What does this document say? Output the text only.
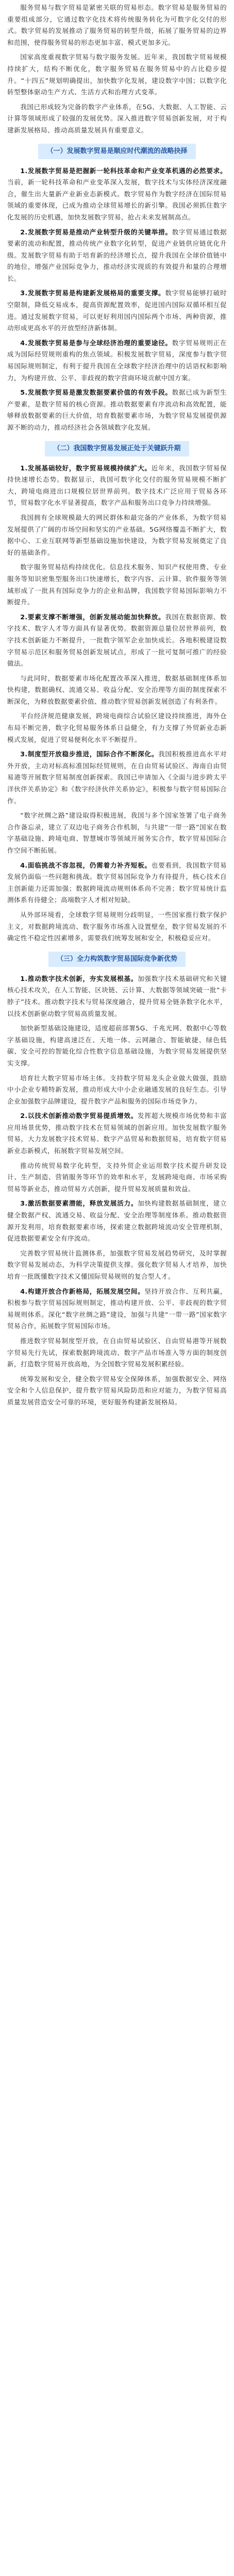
服务贸易与数字贸易是紧密关联的贸易形态。数字贸易是服务贸易的重要组成部分，它通过数字化技术将传统服务转化为可数字化交付的形式。数字贸易的发展推动了服务贸易的转型升级，拓展了服务贸易的边界和范围，使得服务贸易的形态更加丰富、模式更加多元。

国家高度重视数字贸易与数字服务发展。近年来，我国数字贸易规模持续扩大，结构不断优化，数字服务贸易在服务贸易中的占比稳步提升。“十四五”规划明确提出，加快数字化发展，建设数字中国；以数字化转型整体驱动生产方式、生活方式和治理方式变革。

我国已形成较为完备的数字产业体系，在5G、大数据、人工智能、云计算等领域形成了较强的发展优势。深入推进数字贸易创新发展，对于构建新发展格局、推动高质量发展具有重要意义。

（一）发展数字贸易是顺应时代潮流的战略抉择

1.发展数字贸易是把握新一轮科技革命和产业变革机遇的必然要求。当前，新一轮科技革命和产业变革深入发展，数字技术与实体经济深度融合，催生出大量新产业新业态新模式。数字贸易作为数字经济在国际贸易领域的重要体现，已成为推动全球贸易增长的新引擎。我国必须抓住数字化发展的历史机遇，加快发展数字贸易，抢占未来发展制高点。

2.发展数字贸易是推动产业转型升级的关键举措。数字贸易通过数据要素的流动和配置，推动传统产业数字化转型，促进产业链供应链优化升级。发展数字贸易有助于培育新的经济增长点，提升我国在全球价值链中的地位，增强产业国际竞争力，推动经济实现质的有效提升和量的合理增长。

3.发展数字贸易是构建新发展格局的重要支撑。数字贸易能够打破时空限制，降低交易成本，提高资源配置效率，促进国内国际双循环相互促进。通过发展数字贸易，可以更好利用国内国际两个市场、两种资源，推动形成更高水平的开放型经济新体制。

4.发展数字贸易是参与全球经济治理的重要途径。数字贸易规则正在成为国际经贸规则重构的焦点领域。积极发展数字贸易，深度参与数字贸易国际规则制定，有利于提升我国在全球数字经济治理中的话语权和影响力，为构建开放、公平、非歧视的数字营商环境贡献中国方案。

5.发展数字贸易是激发数据要素价值的有效手段。数据已成为新型生产要素，是数字贸易的核心资源。推动数据要素有序流动和高效配置，能够释放数据要素的巨大价值，培育数据要素市场，为数字贸易发展提供源源不断的动力，推动经济社会各领域数字化发展。

（二）我国数字贸易发展正处于关键跃升期

1.发展基础较好，数字贸易规模持续扩大。近年来，我国数字贸易保持快速增长态势。数据显示，我国可数字化交付的服务贸易规模不断扩大，跨境电商进出口规模位居世界前列。数字技术广泛应用于贸易各环节，贸易数字化水平显著提高，数字产品和服务出口竞争力持续增强。

我国拥有全球规模最大的网民群体和最完备的产业体系，为数字贸易发展提供了广阔的市场空间和坚实的产业基础。5G网络覆盖不断扩大，数据中心、工业互联网等新型基础设施加快建设，为数字贸易发展奠定了良好的基础条件。

数字服务贸易结构持续优化。信息技术服务、知识产权使用费、专业服务等知识密集型服务出口快速增长，数字内容、云计算、软件服务等领域形成了一批具有国际竞争力的企业和品牌，我国数字贸易国际影响力不断提升。

2.要素支撑不断增强，创新发展动能加快释放。我国在数据资源、数字技术、数字人才等方面具有显著优势。数据资源总量位居世界前列，数字技术创新能力不断提升，一批数字领军企业加快成长。各地积极建设数字贸易示范区和服务贸易创新发展试点，形成了一批可复制可推广的经验做法。

与此同时，数据要素市场化配置改革深入推进，数据基础制度体系加快构建，数据确权、流通交易、收益分配、安全治理等方面的制度探索不断深化，为释放数据要素价值、推动数字贸易创新发展创造了有利条件。

平台经济规范健康发展，跨境电商综合试验区建设持续推进，海外仓布局不断完善，数字化贸易服务体系日益健全，有力支撑了外贸新业态新模式发展，促进了贸易便利化水平不断提升。

3.制度型开放稳步推进，国际合作不断深化。我国积极推进高水平对外开放，主动对标高标准国际经贸规则，在自由贸易试验区、海南自由贸易港等开展数字贸易制度创新探索。我国已申请加入《全面与进步跨太平洋伙伴关系协定》和《数字经济伙伴关系协定》，积极参与数字贸易国际合作。

“数字丝绸之路”建设取得积极进展，我国与多个国家签署了电子商务合作备忘录，建立了双边电子商务合作机制，与共建“一带一路”国家在数字基础设施、跨境电商、智慧城市等领域开展务实合作，数字贸易国际合作空间不断拓展。

4.面临挑战不容忽视，仍需着力补齐短板。也要看到，我国数字贸易发展仍面临一些问题和挑战。数字贸易国际竞争力有待提升，核心技术自主创新能力还需加强；数据跨境流动规则体系尚不完善；数字贸易统计监测体系有待健全；高端数字人才相对短缺。

从外部环境看，全球数字贸易规则分歧明显，一些国家推行数字保护主义，对数据跨境流动、数字服务市场准入设置壁垒，数字贸易发展的不确定性不稳定性因素增多，需要我们统筹发展和安全，积极稳妥应对。

（三）全力构筑数字贸易国际竞争新优势

1.推动数字技术创新，夯实发展根基。加强数字技术基础研究和关键核心技术攻关，在人工智能、区块链、云计算、大数据等领域突破一批“卡脖子”技术。推动数字技术与贸易深度融合，提升贸易全链条数字化水平，以技术创新驱动数字贸易高质量发展。

加快新型基础设施建设，适度超前部署5G、千兆光网、数据中心等数字基础设施，构建高速泛在、天地一体、云网融合、智能敏捷、绿色低碳、安全可控的智能化综合性数字信息基础设施，为数字贸易发展提供坚实支撑。

培育壮大数字贸易市场主体。支持数字贸易龙头企业做大做强，鼓励中小企业专精特新发展，推动形成大中小企业融通发展的良好生态。引导企业加强数字品牌建设，提升数字产品和服务的国际市场竞争力。

2.以技术创新推动数字贸易提质增效。发挥超大规模市场优势和丰富应用场景优势，推动数字技术在贸易领域的创新应用。加快发展数字服务贸易，大力发展数字技术贸易、数字产品贸易和数据贸易，培育数字贸易新业态新模式，拓展数字贸易发展空间。

推动传统贸易数字化转型，支持外贸企业运用数字技术提升研发设计、生产制造、营销服务等环节的效率和水平，发展跨境电商、市场采购贸易等新业态，推动贸易方式创新，提升贸易发展质量和效益。

3.激活数据要素潜能，释放发展活力。加快构建数据基础制度，建立健全数据产权、流通交易、收益分配、安全治理等制度体系。推动数据资源开发利用，培育数据要素市场，探索建立数据跨境流动安全管理机制，促进数据要素安全有序流动。

完善数字贸易统计监测体系，加强数字贸易发展趋势研究，及时掌握数字贸易发展动态，为科学决策提供支撑。强化数字贸易人才培养，加快培育一批既懂数字技术又懂国际贸易规则的复合型人才。

4.构建开放合作新格局，拓展发展空间。坚持开放合作、互利共赢，积极参与数字贸易国际规则制定，推动构建开放、公平、非歧视的数字贸易规则体系。深化“数字丝绸之路”建设，加强与共建“一带一路”国家数字贸易合作，拓展数字贸易国际市场。

推进数字贸易制度型开放，在自由贸易试验区、自由贸易港等开展数字贸易先行先试，探索数据跨境流动、数字产品市场准入等方面的制度创新，打造数字贸易开放高地，为全国数字贸易发展积累经验。

统筹发展和安全，健全数字贸易安全保障体系，加强数据安全、网络安全和个人信息保护，提升数字贸易风险防范和应对能力，为数字贸易高质量发展营造安全可靠的环境，更好服务构建新发展格局。
